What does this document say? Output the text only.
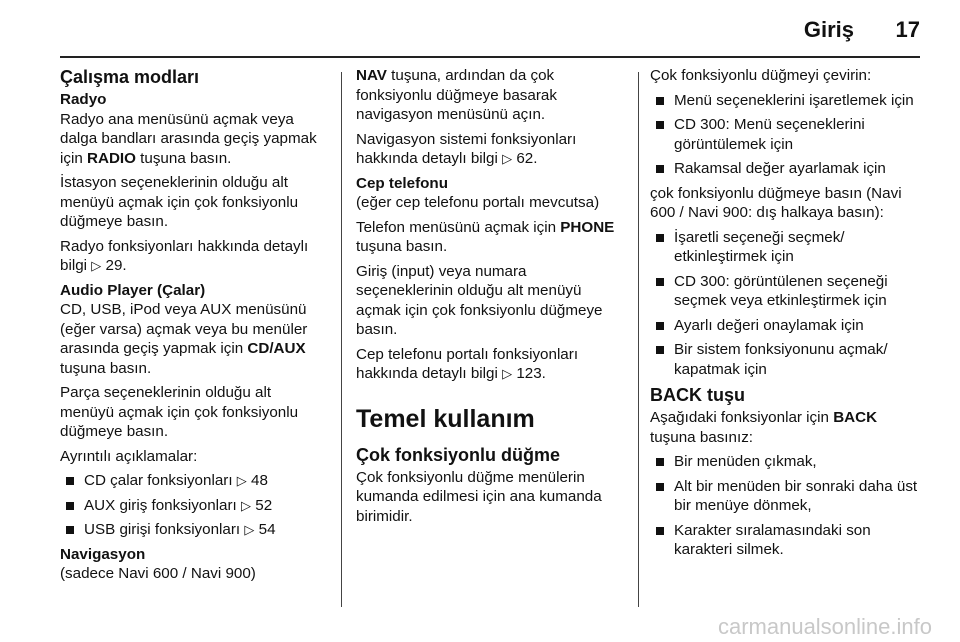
Giriş 17
Çalışma modları
Radyo

Radyo ana menüsünü açmak veya dalga bandları arasında geçiş yapmak için RADIO tuşuna basın.

İstasyon seçeneklerinin olduğu alt menüyü açmak için çok fonksiyonlu düğmeye basın.

Radyo fonksiyonları hakkında detaylı bilgi ▷ 29.

Audio Player (Çalar)

CD, USB, iPod veya AUX menüsünü (eğer varsa) açmak veya bu menüler arasında geçiş yapmak için CD/AUX tuşuna basın.

Parça seçeneklerinin olduğu alt menüyü açmak için çok fonksiyonlu düğmeye basın.

Ayrıntılı açıklamalar:

CD çalar fonksiyonları ▷ 48
AUX giriş fonksiyonları ▷ 52
USB girişi fonksiyonları ▷ 54
Navigasyon

(sadece Navi 600 / Navi 900)

NAV tuşuna, ardından da çok fonksiyonlu düğmeye basarak navigasyon menüsünü açın.

Navigasyon sistemi fonksiyonları hakkında detaylı bilgi ▷ 62.

Cep telefonu

(eğer cep telefonu portalı mevcutsa)

Telefon menüsünü açmak için PHONE tuşuna basın.

Giriş (input) veya numara seçeneklerinin olduğu alt menüyü açmak için çok fonksiyonlu düğmeye basın.

Cep telefonu portalı fonksiyonları hakkında detaylı bilgi ▷ 123.

Temel kullanım
Çok fonksiyonlu düğme

Çok fonksiyonlu düğme menülerin kumanda edilmesi için ana kumanda birimidir.

Çok fonksiyonlu düğmeyi çevirin:

Menü seçeneklerini işaretlemek için
CD 300: Menü seçeneklerini görüntülemek için
Rakamsal değer ayarlamak için

çok fonksiyonlu düğmeye basın (Navi 600 / Navi 900: dış halkaya basın):

İşaretli seçeneği seçmek/ etkinleştirmek için
CD 300: görüntülenen seçeneği seçmek veya etkinleştirmek için
Ayarlı değeri onaylamak için
Bir sistem fonksiyonunu açmak/ kapatmak için
BACK tuşu

Aşağıdaki fonksiyonlar için BACK tuşuna basınız:

Bir menüden çıkmak,
Alt bir menüden bir sonraki daha üst bir menüye dönmek,
Karakter sıralamasındaki son karakteri silmek.
carmanualsonline.info
